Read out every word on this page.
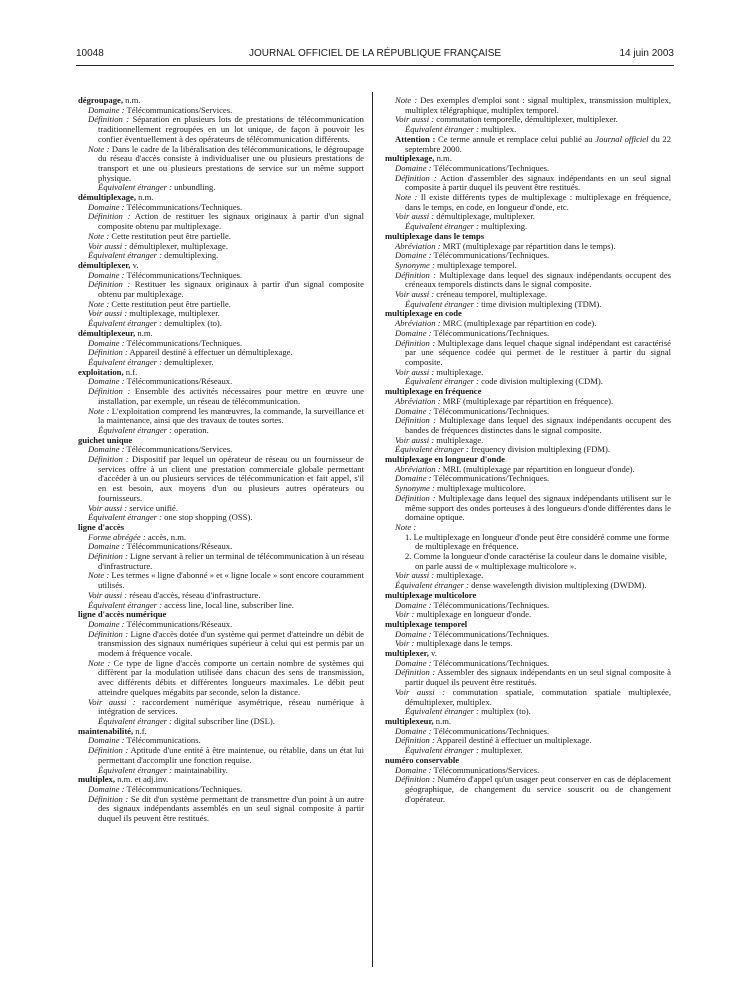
10048	JOURNAL OFFICIEL DE LA RÉPUBLIQUE FRANÇAISE	14 juin 2003
dégroupage, n.m.
Domaine : Télécommunications/Services.
Définition : Séparation en plusieurs lots de prestations de télécommunication traditionnellement regroupées en un lot unique, de façon à pouvoir les confier éventuellement à des opérateurs de télécommunication différents.
Note : Dans le cadre de la libéralisation des télécommunications, le dégroupage du réseau d'accès consiste à individualiser une ou plusieurs prestations de transport et une ou plusieurs prestations de service sur un même support physique.
Équivalent étranger : unbundling.
démultiplexage, n.m.
Domaine : Télécommunications/Techniques.
Définition : Action de restituer les signaux originaux à partir d'un signal composite obtenu par multiplexage.
Note : Cette restitution peut être partielle.
Voir aussi : démultiplexer, multiplexage.
Équivalent étranger : demultiplexing.
démultiplexer, v.
Domaine : Télécommunications/Techniques.
Définition : Restituer les signaux originaux à partir d'un signal composite obtenu par multiplexage.
Note : Cette restitution peut être partielle.
Voir aussi : multiplexage, multiplexer.
Équivalent étranger : demultiplex (to).
démultiplexeur, n.m.
Domaine : Télécommunications/Techniques.
Définition : Appareil destiné à effectuer un démultiplexage.
Équivalent étranger : demultiplexer.
exploitation, n.f.
Domaine : Télécommunications/Réseaux.
Définition : Ensemble des activités nécessaires pour mettre en œuvre une installation, par exemple, un réseau de télécommunication.
Note : L'exploitation comprend les manœuvres, la commande, la surveillance et la maintenance, ainsi que des travaux de toutes sortes.
Équivalent étranger : operation.
guichet unique
Domaine : Télécommunications/Services.
Définition : Dispositif par lequel un opérateur de réseau ou un fournisseur de services offre à un client une prestation commerciale globale permettant d'accéder à un ou plusieurs services de télécommunication et fait appel, s'il en est besoin, aux moyens d'un ou plusieurs autres opérateurs ou fournisseurs.
Voir aussi : service unifié.
Équivalent étranger : one stop shopping (OSS).
ligne d'accès
Forme abrégée : accès, n.m.
Domaine : Télécommunications/Réseaux.
Définition : Ligne servant à relier un terminal de télécommunication à un réseau d'infrastructure.
Note : Les termes « ligne d'abonné » et « ligne locale » sont encore couramment utilisés.
Voir aussi : réseau d'accès, réseau d'infrastructure.
Équivalent étranger : access line, local line, subscriber line.
ligne d'accès numérique
Domaine : Télécommunications/Réseaux.
Définition : Ligne d'accès dotée d'un système qui permet d'atteindre un débit de transmission des signaux numériques supérieur à celui qui est permis par un modem à fréquence vocale.
Note : Ce type de ligne d'accès comporte un certain nombre de systèmes qui diffèrent par la modulation utilisée dans chacun des sens de transmission, avec différents débits et différentes longueurs maximales. Le débit peut atteindre quelques mégabits par seconde, selon la distance.
Voir aussi : raccordement numérique asymétrique, réseau numérique à intégration de services.
Équivalent étranger : digital subscriber line (DSL).
maintenabilité, n.f.
Domaine : Télécommunications.
Définition : Aptitude d'une entité à être maintenue, ou rétablie, dans un état lui permettant d'accomplir une fonction requise.
Équivalent étranger : maintainability.
multiplex, n.m. et adj.inv.
Domaine : Télécommunications/Techniques.
Définition : Se dit d'un système permettant de transmettre d'un point à un autre des signaux indépendants assemblés en un seul signal composite à partir duquel ils peuvent être restitués.
Note : Des exemples d'emploi sont : signal multiplex, transmission multiplex, multiplex télégraphique, multiplex temporel.
Voir aussi : commutation temporelle, démultiplexer, multiplexer.
Équivalent étranger : multiplex.
Attention : Ce terme annule et remplace celui publié au Journal officiel du 22 septembre 2000.
multiplexage, n.m.
Domaine : Télécommunications/Techniques.
Définition : Action d'assembler des signaux indépendants en un seul signal composite à partir duquel ils peuvent être restitués.
Note : Il existe différents types de multiplexage : multiplexage en fréquence, dans le temps, en code, en longueur d'onde, etc.
Voir aussi : démultiplexage, multiplexer.
Équivalent étranger : multiplexing.
multiplexage dans le temps
Abréviation : MRT (multiplexage par répartition dans le temps).
Domaine : Télécommunications/Techniques.
Synonyme : multiplexage temporel.
Définition : Multiplexage dans lequel des signaux indépendants occupent des créneaux temporels distincts dans le signal composite.
Voir aussi : créneau temporel, multiplexage.
Équivalent étranger : time division multiplexing (TDM).
multiplexage en code
Abréviation : MRC (multiplexage par répartition en code).
Domaine : Télécommunications/Techniques.
Définition : Multiplexage dans lequel chaque signal indépendant est caractérisé par une séquence codée qui permet de le restituer à partir du signal composite.
Voir aussi : multiplexage.
Équivalent étranger : code division multiplexing (CDM).
multiplexage en fréquence
Abréviation : MRF (multiplexage par répartition en fréquence).
Domaine : Télécommunications/Techniques.
Définition : Multiplexage dans lequel des signaux indépendants occupent des bandes de fréquences distinctes dans le signal composite.
Voir aussi : multiplexage.
Équivalent étranger : frequency division multiplexing (FDM).
multiplexage en longueur d'onde
Abréviation : MRL (multiplexage par répartition en longueur d'onde).
Domaine : Télécommunications/Techniques.
Synonyme : multiplexage multicolore.
Définition : Multiplexage dans lequel des signaux indépendants utilisent sur le même support des ondes porteuses à des longueurs d'onde différentes dans le domaine optique.
Note :
1. Le multiplexage en longueur d'onde peut être considéré comme une forme de multiplexage en fréquence.
2. Comme la longueur d'onde caractérise la couleur dans le domaine visible, on parle aussi de « multiplexage multicolore ».
Voir aussi : multiplexage.
Équivalent étranger : dense wavelength division multiplexing (DWDM).
multiplexage multicolore
Domaine : Télécommunications/Techniques.
Voir : multiplexage en longueur d'onde.
multiplexage temporel
Domaine : Télécommunications/Techniques.
Voir : multiplexage dans le temps.
multiplexer, v.
Domaine : Télécommunications/Techniques.
Définition : Assembler des signaux indépendants en un seul signal composite à partir duquel ils peuvent être restitués.
Voir aussi : commutation spatiale, commutation spatiale multiplexée, démultiplexer, multiplex.
Équivalent étranger : multiplex (to).
multiplexeur, n.m.
Domaine : Télécommunications/Techniques.
Définition : Appareil destiné à effectuer un multiplexage.
Équivalent étranger : multiplexer.
numéro conservable
Domaine : Télécommunications/Services.
Définition : Numéro d'appel qu'un usager peut conserver en cas de déplacement géographique, de changement du service souscrit ou de changement d'opérateur.
